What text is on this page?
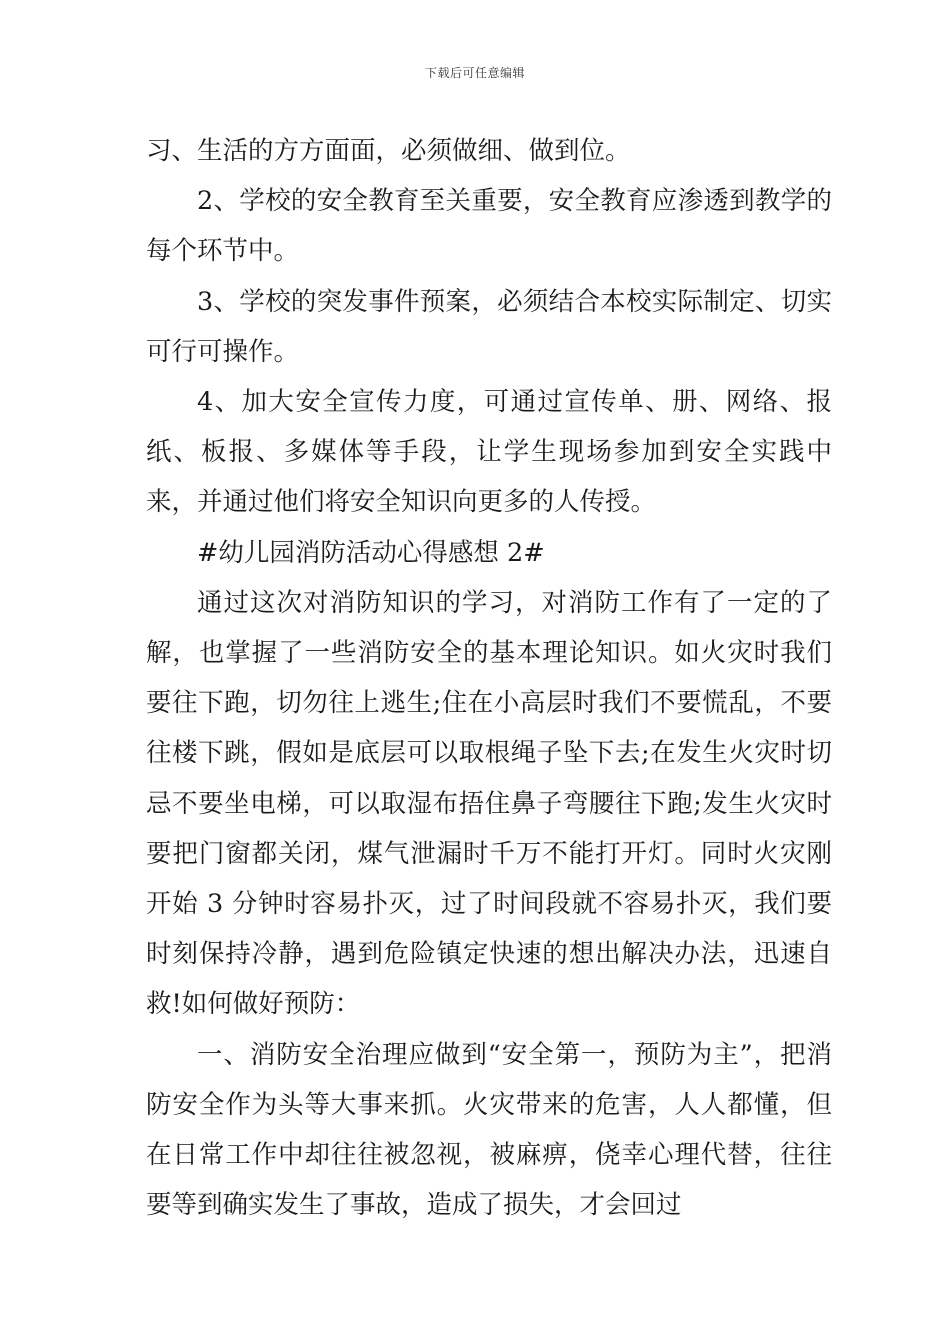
下载后可任意编辑

习、生活的方方面面，必须做细、做到位。

2、学校的安全教育至关重要，安全教育应渗透到教学的每个环节中。

3、学校的突发事件预案，必须结合本校实际制定、切实可行可操作。

4、加大安全宣传力度，可通过宣传单、册、网络、报纸、板报、多媒体等手段，让学生现场参加到安全实践中来，并通过他们将安全知识向更多的人传授。

#幼儿园消防活动心得感想 2#

通过这次对消防知识的学习，对消防工作有了一定的了解，也掌握了一些消防安全的基本理论知识。如火灾时我们要往下跑，切勿往上逃生;住在小高层时我们不要慌乱，不要往楼下跳，假如是底层可以取根绳子坠下去;在发生火灾时切忌不要坐电梯，可以取湿布捂住鼻子弯腰往下跑;发生火灾时要把门窗都关闭，煤气泄漏时千万不能打开灯。同时火灾刚开始 3 分钟时容易扑灭，过了时间段就不容易扑灭，我们要时刻保持冷静，遇到危险镇定快速的想出解决办法，迅速自救!如何做好预防：

一、消防安全治理应做到“安全第一，预防为主”，把消防安全作为头等大事来抓。火灾带来的危害，人人都懂，但在日常工作中却往往被忽视，被麻痹，侥幸心理代替，往往要等到确实发生了事故，造成了损失，才会回过
